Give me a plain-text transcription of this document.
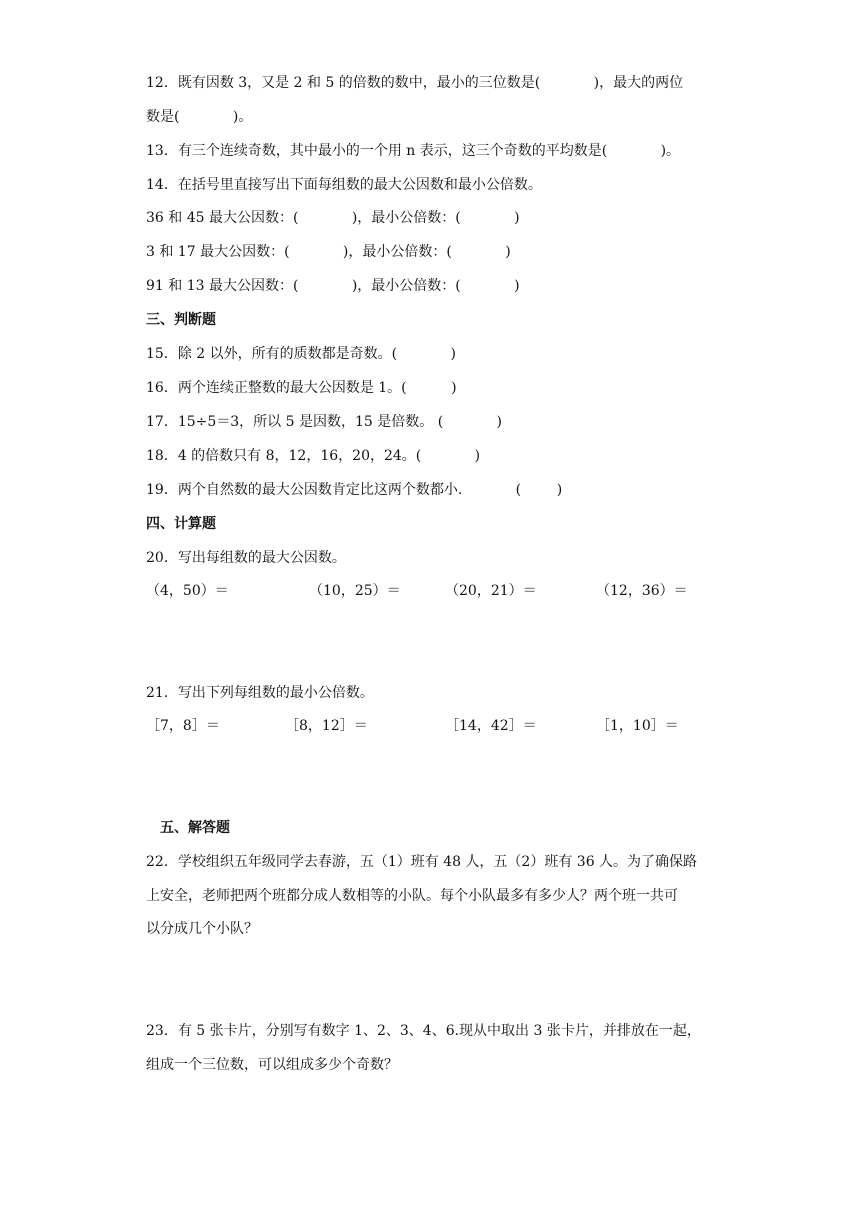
12．既有因数 3，又是 2 和 5 的倍数的数中，最小的三位数是(            )，最大的两位

数是(            )。

13．有三个连续奇数，其中最小的一个用 n 表示，这三个奇数的平均数是(            )。

14．在括号里直接写出下面每组数的最大公因数和最小公倍数。

36 和 45 最大公因数：(            )，最小公倍数：(            )

3 和 17 最大公因数：(            )，最小公倍数：(            )

91 和 13 最大公因数：(            )，最小公倍数：(            )

三、判断题

15．除 2 以外，所有的质数都是奇数。(            )

16．两个连续正整数的最大公因数是 1。(          )

17．15÷5＝3，所以 5 是因数，15 是倍数。 (            )

18．4 的倍数只有 8，12，16，20，24。(            )

19．两个自然数的最大公因数肯定比这两个数都小.            (        )

四、计算题

20．写出每组数的最大公因数。

（4，50）＝	（10，25）＝	（20，21）＝	（12，36）＝

21．写出下列每组数的最小公倍数。

［7，8］＝	［8，12］＝	［14，42］＝	［1，10］＝

五、解答题

22．学校组织五年级同学去春游，五（1）班有 48 人，五（2）班有 36 人。为了确保路

上安全，老师把两个班都分成人数相等的小队。每个小队最多有多少人？两个班一共可

以分成几个小队？

23．有 5 张卡片，分别写有数字 1、2、3、4、6.现从中取出 3 张卡片，并排放在一起，

组成一个三位数，可以组成多少个奇数？
